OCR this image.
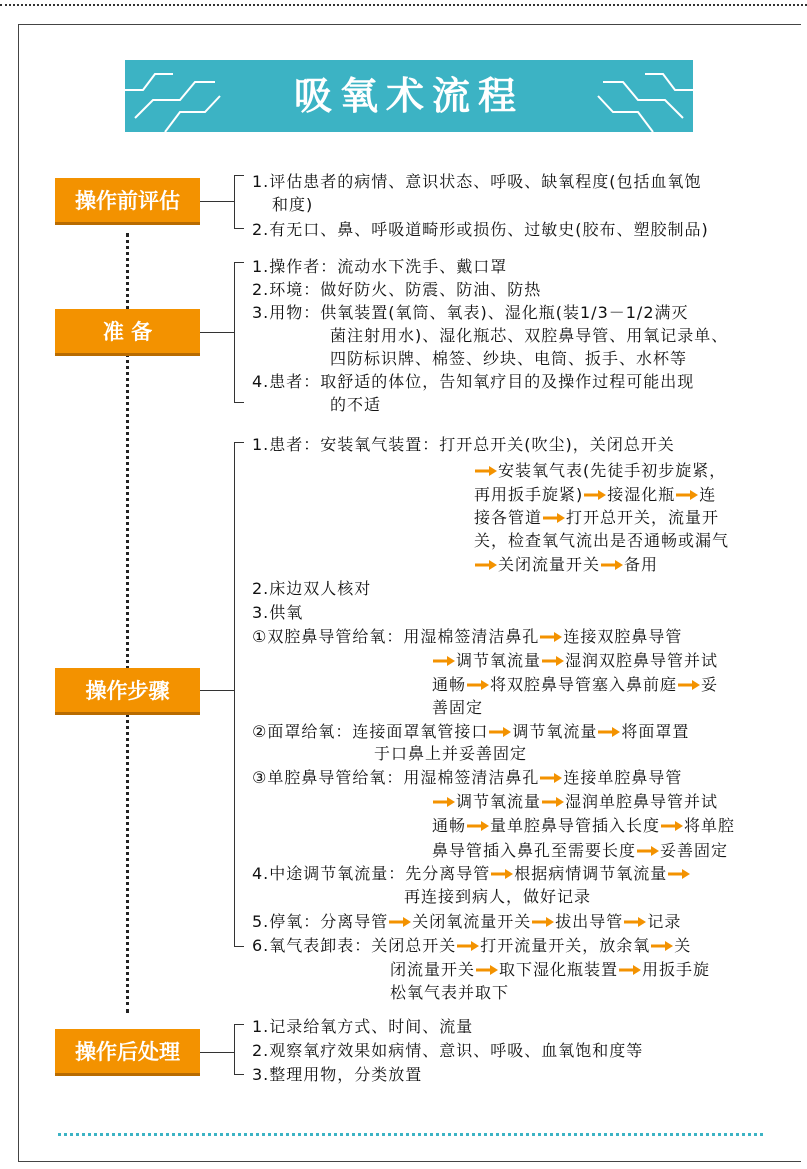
吸氧术流程
操作前评估
准 备
操作步骤
操作后处理
1.评估患者的病情、意识状态、呼吸、缺氧程度(包括血氧饱
和度)
2.有无口、鼻、呼吸道畸形或损伤、过敏史(胶布、塑胶制品)
1.操作者：流动水下洗手、戴口罩
2.环境：做好防火、防震、防油、防热
3.用物：供氧装置(氧筒、氧表)、湿化瓶(装1/3－1/2满灭
菌注射用水)、湿化瓶芯、双腔鼻导管、用氧记录单、
四防标识牌、棉签、纱块、电筒、扳手、水杯等
4.患者：取舒适的体位，告知氧疗目的及操作过程可能出现
的不适
1.患者：安装氧气装置：打开总开关(吹尘)，关闭总开关
安装氧气表(先徒手初步旋紧，
再用扳手旋紧) 接湿化瓶 连
接各管道 打开总开关，流量开
关，检查氧气流出是否通畅或漏气
关闭流量开关 备用
2.床边双人核对
3.供氧
①双腔鼻导管给氧：用湿棉签清洁鼻孔 连接双腔鼻导管
调节氧流量 湿润双腔鼻导管并试
通畅 将双腔鼻导管塞入鼻前庭 妥
善固定
②面罩给氧：连接面罩氧管接口 调节氧流量 将面罩置
于口鼻上并妥善固定
③单腔鼻导管给氧：用湿棉签清洁鼻孔 连接单腔鼻导管
调节氧流量 湿润单腔鼻导管并试
通畅 量单腔鼻导管插入长度 将单腔
鼻导管插入鼻孔至需要长度 妥善固定
4.中途调节氧流量：先分离导管 根据病情调节氧流量
再连接到病人，做好记录
5.停氧：分离导管 关闭氧流量开关 拔出导管 记录
6.氧气表卸表：关闭总开关 打开流量开关，放余氧 关
闭流量开关 取下湿化瓶装置 用扳手旋
松氧气表并取下
1.记录给氧方式、时间、流量
2.观察氧疗效果如病情、意识、呼吸、血氧饱和度等
3.整理用物，分类放置
